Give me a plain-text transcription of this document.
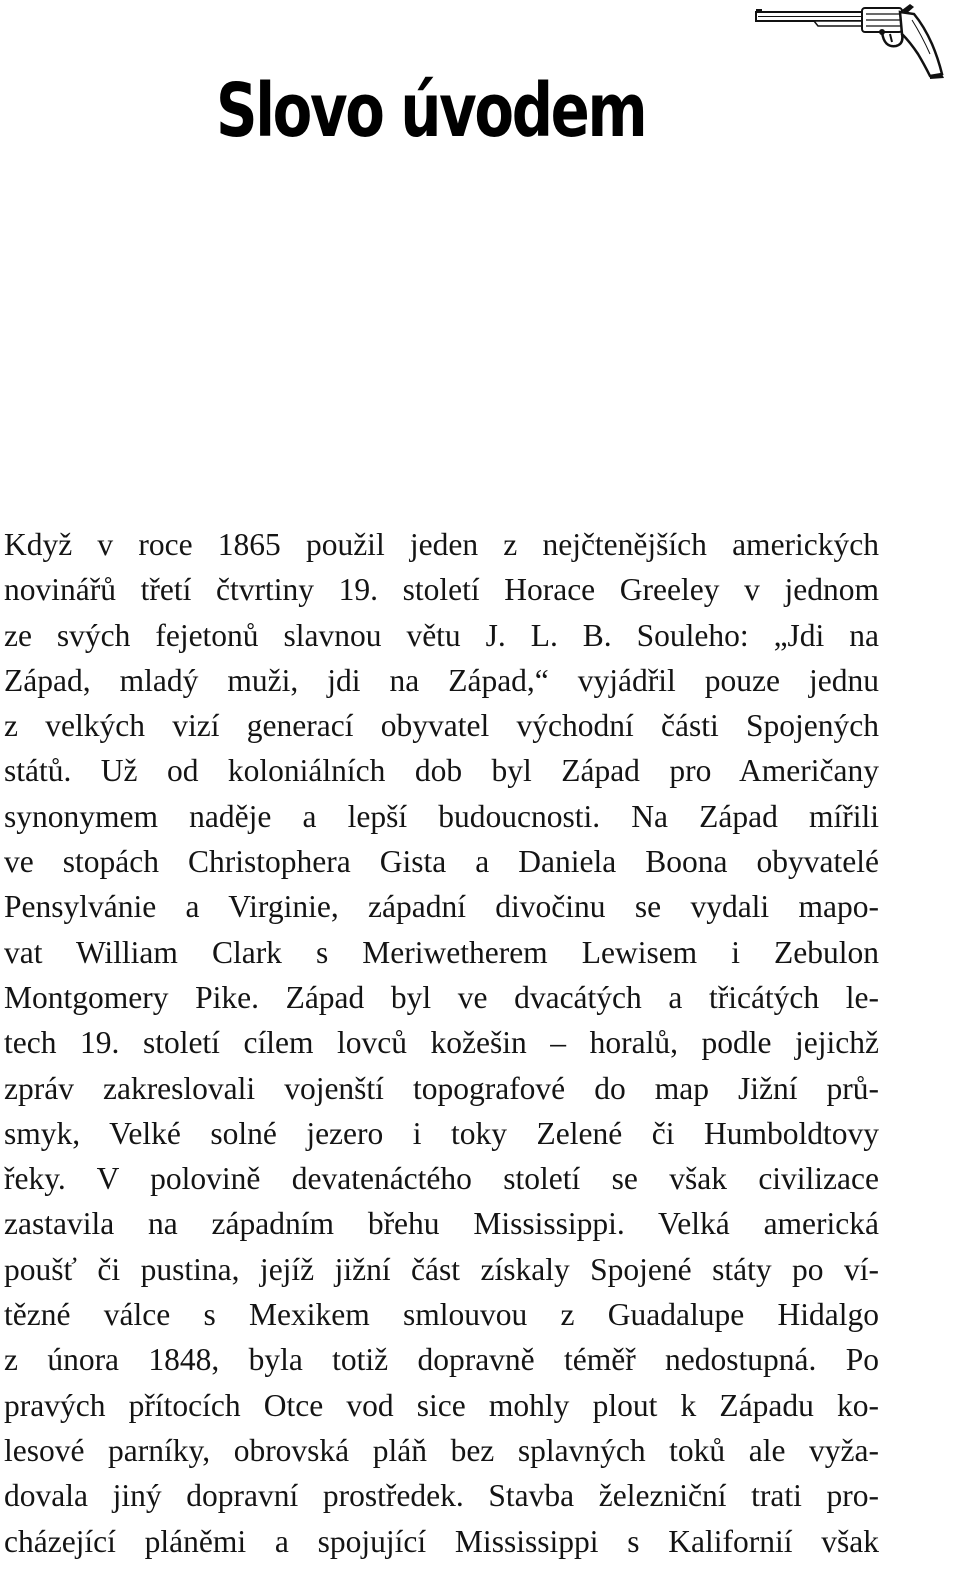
Slovo úvodem
Když v roce 1865 použil jeden z nejčtenějších amerických
novinářů třetí čtvrtiny 19. století Horace Greeley v jednom
ze svých fejetonů slavnou větu J. L. B. Souleho: „Jdi na
Západ, mladý muži, jdi na Západ,“ vyjádřil pouze jednu
z velkých vizí generací obyvatel východní části Spojených
států. Už od koloniálních dob byl Západ pro Američany
synonymem naděje a lepší budoucnosti. Na Západ mířili
ve stopách Christophera Gista a Daniela Boona obyvatelé
Pensylvánie a Virginie, západní divočinu se vydali mapo-
vat William Clark s Meriwetherem Lewisem i Zebulon
Montgomery Pike. Západ byl ve dvacátých a třicátých le-
tech 19. století cílem lovců kožešin – horalů, podle jejichž
zpráv zakreslovali vojenští topografové do map Jižní prů-
smyk, Velké solné jezero i toky Zelené či Humboldtovy
řeky. V polovině devatenáctého století se však civilizace
zastavila na západním břehu Mississippi. Velká americká
poušť či pustina, jejíž jižní část získaly Spojené státy po ví-
tězné válce s Mexikem smlouvou z Guadalupe Hidalgo
z února 1848, byla totiž dopravně téměř nedostupná. Po
pravých přítocích Otce vod sice mohly plout k Západu ko-
lesové parníky, obrovská pláň bez splavných toků ale vyža-
dovala jiný dopravní prostředek. Stavba železniční trati pro-
cházející pláněmi a spojující Mississippi s Kalifornií však
